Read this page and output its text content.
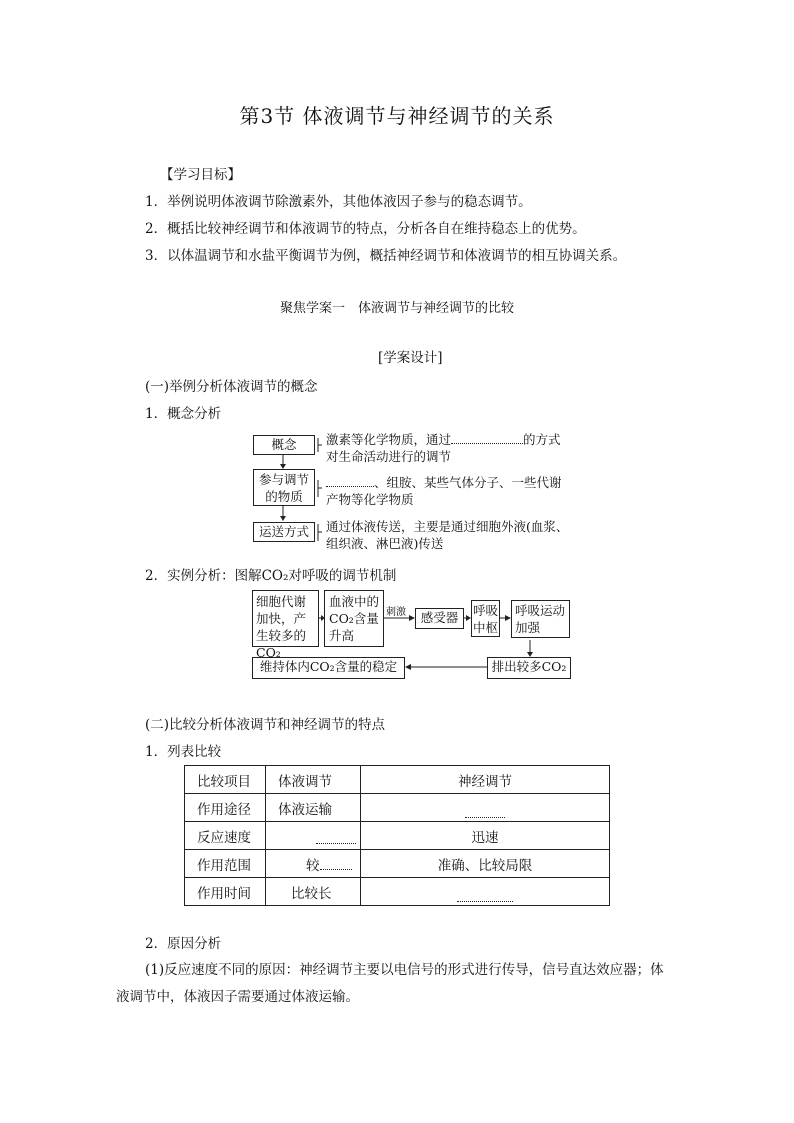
第3节 体液调节与神经调节的关系
【学习目标】
1．举例说明体液调节除激素外，其他体液因子参与的稳态调节。
2．概括比较神经调节和体液调节的特点，分析各自在维持稳态上的优势。
3．以体温调节和水盐平衡调节为例，概括神经调节和体液调节的相互协调关系。
聚焦学案一　体液调节与神经调节的比较
[学案设计]
(一)举例分析体液调节的概念
1．概念分析
概念	激素等化学物质，通过	的方式
对生命活动进行的调节
参与调节的物质
、组胺、某些气体分子、一些代谢
产物等化学物质
运送方式	通过体液传送，主要是通过细胞外液(血浆、
组织液、淋巴液)传送
2．实例分析：图解CO₂对呼吸的调节机制
细胞代谢加快，产生较多的CO₂
血液中的CO₂含量升高
刺激	感受器	呼吸中枢
呼吸运动加强
排出较多CO₂
维持体内CO₂含量的稳定
(二)比较分析体液调节和神经调节的特点
1．列表比较
比较项目	体液调节	神经调节
作用途径	体液运输	
反应速度		迅速
作用范围	较	准确、比较局限
作用时间	比较长	
2．原因分析
(1)反应速度不同的原因：神经调节主要以电信号的形式进行传导，信号直达效应器；体
液调节中，体液因子需要通过体液运输。
